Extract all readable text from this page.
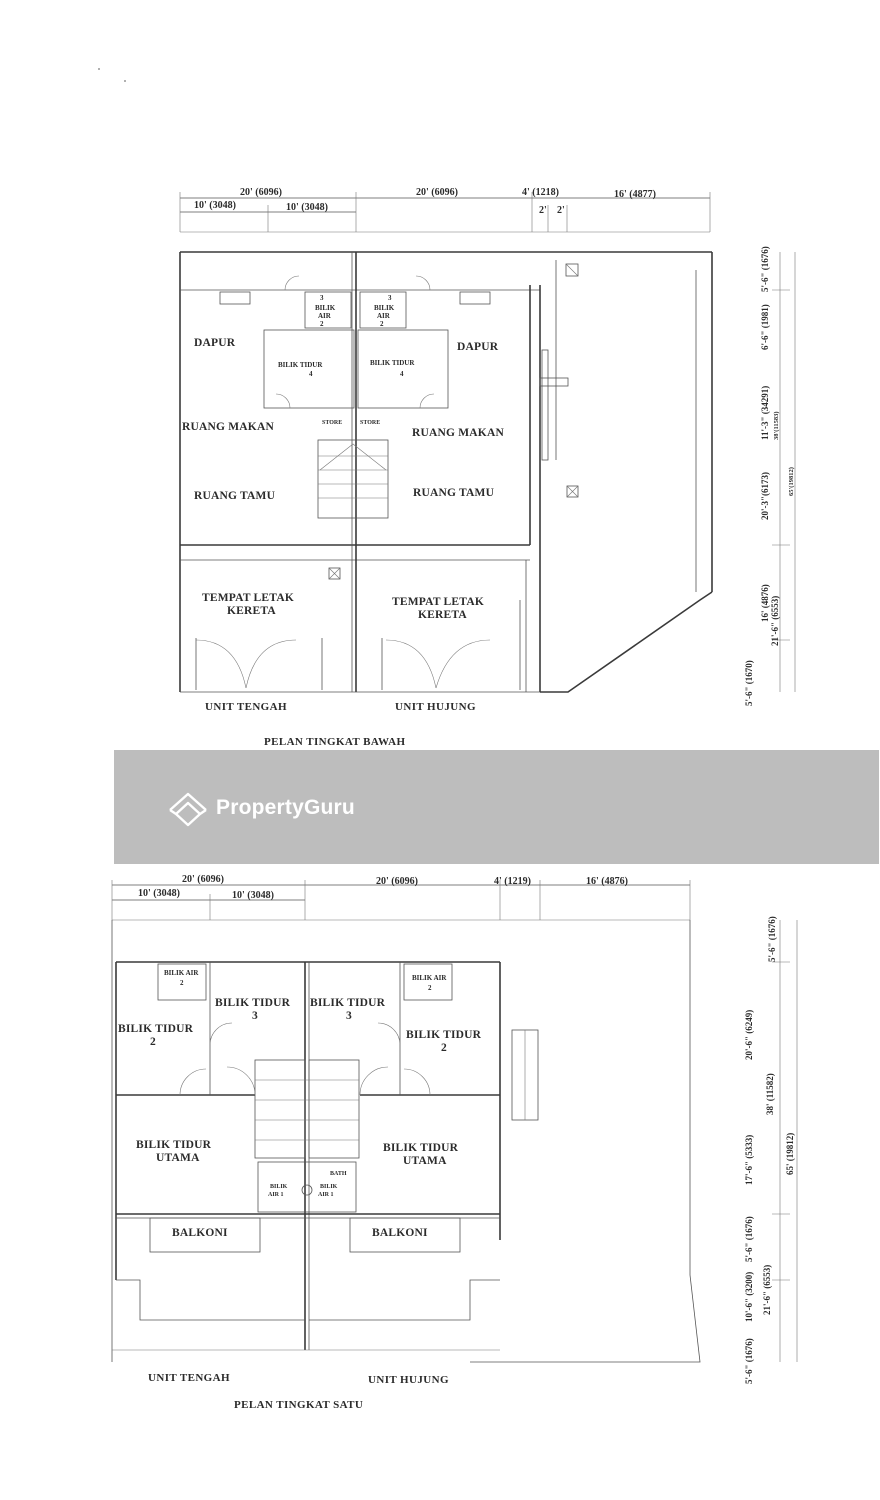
20' (6096)
10' (3048)	10' (3048)
20' (6096)	4' (1218)
2' 2'
16' (4877)
5'-6" (1676)
6'-6" (1981)
11'-3" (34291) 38'(11583)
20'-3"(6173)	65'(19812)
16' (4876) 21'-6" (6553)
5'-6" (1670)
BILIK
AIR
3
2
BILIK
AIR
3
2
DAPUR	DAPUR
BILIK TIDUR
4
BILIK TIDUR
4
STORE	STORE
RUANG MAKAN	RUANG MAKAN
RUANG TAMU	RUANG TAMU
TEMPAT LETAK
KERETA
TEMPAT LETAK
KERETA
UNIT TENGAH	UNIT HUJUNG
PELAN TINGKAT BAWAH
20' (6096)
10' (3048)	10' (3048)
20' (6096)	4' (1219)	16' (4876)
5'-6" (1676)
20'-6" (6249)
38' (11582)
17'-6" (5333)	65' (19812)
5'-6" (1676)
10'-6" (3200) 21'-6" (6553)
5'-6" (1676)
BILIK AIR
2
BILIK AIR
2
BILIK TIDUR
3
BILIK TIDUR
3
BILIK TIDUR
2
BILIK TIDUR
2
BILIK TIDUR
UTAMA
BILIK TIDUR
UTAMA
BATH
BILIK
AIR 1
BILIK
AIR 1
BALKONI	BALKONI
UNIT TENGAH	UNIT HUJUNG
PELAN TINGKAT SATU
PropertyGuru
